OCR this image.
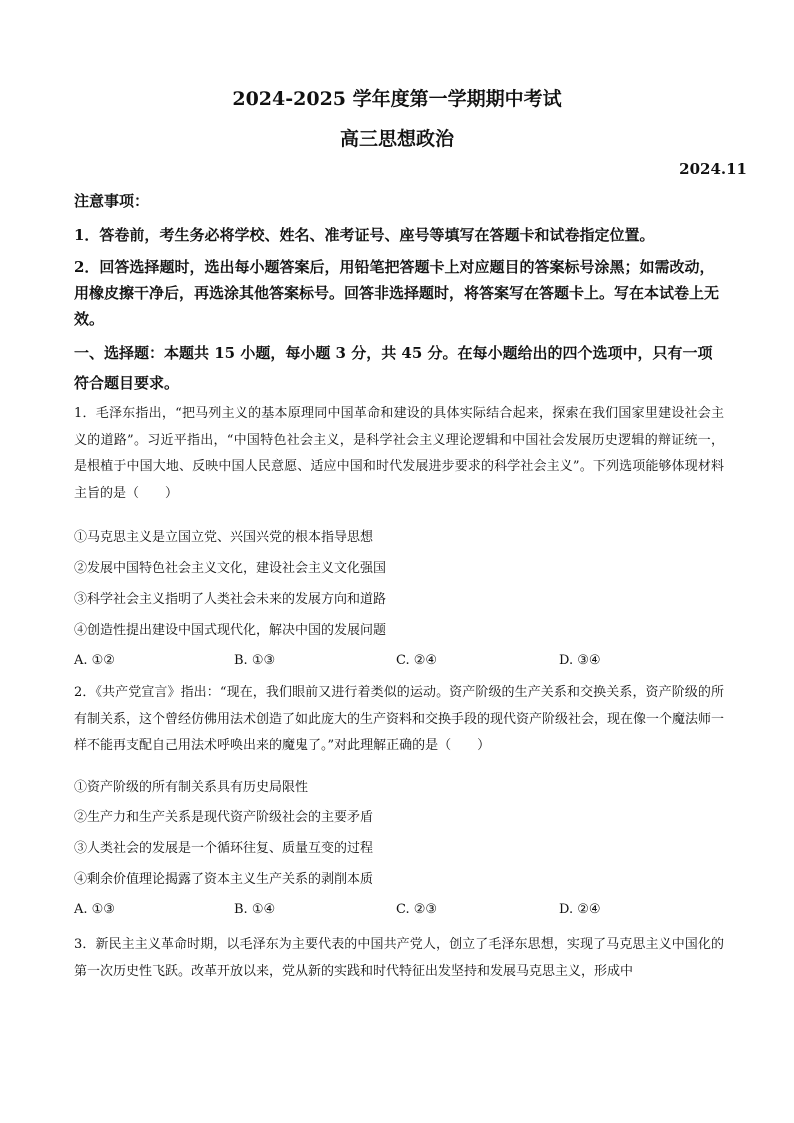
2024-2025 学年度第一学期期中考试
高三思想政治
2024.11
注意事项：
1．答卷前，考生务必将学校、姓名、准考证号、座号等填写在答题卡和试卷指定位置。
2．回答选择题时，选出每小题答案后，用铅笔把答题卡上对应题目的答案标号涂黑；如需改动，用橡皮擦干净后，再选涂其他答案标号。回答非选择题时，将答案写在答题卡上。写在本试卷上无效。
一、选择题：本题共 15 小题，每小题 3 分，共 45 分。在每小题给出的四个选项中，只有一项符合题目要求。
1．毛泽东指出，“把马列主义的基本原理同中国革命和建设的具体实际结合起来，探索在我们国家里建设社会主义的道路”。习近平指出，“中国特色社会主义，是科学社会主义理论逻辑和中国社会发展历史逻辑的辩证统一，是根植于中国大地、反映中国人民意愿、适应中国和时代发展进步要求的科学社会主义”。下列选项能够体现材料主旨的是（　　）
①马克思主义是立国立党、兴国兴党的根本指导思想
②发展中国特色社会主义文化，建设社会主义文化强国
③科学社会主义指明了人类社会未来的发展方向和道路
④创造性提出建设中国式现代化，解决中国的发展问题
A. ①②	B. ①③	C. ②④	D. ③④
2．《共产党宣言》指出：“现在，我们眼前又进行着类似的运动。资产阶级的生产关系和交换关系，资产阶级的所有制关系，这个曾经仿佛用法术创造了如此庞大的生产资料和交换手段的现代资产阶级社会，现在像一个魔法师一样不能再支配自己用法术呼唤出来的魔鬼了。”对此理解正确的是（　　）
①资产阶级的所有制关系具有历史局限性
②生产力和生产关系是现代资产阶级社会的主要矛盾
③人类社会的发展是一个循环往复、质量互变的过程
④剩余价值理论揭露了资本主义生产关系的剥削本质
A. ①③	B. ①④	C. ②③	D. ②④
3．新民主主义革命时期，以毛泽东为主要代表的中国共产党人，创立了毛泽东思想，实现了马克思主义中国化的第一次历史性飞跃。改革开放以来，党从新的实践和时代特征出发坚持和发展马克思主义，形成中
